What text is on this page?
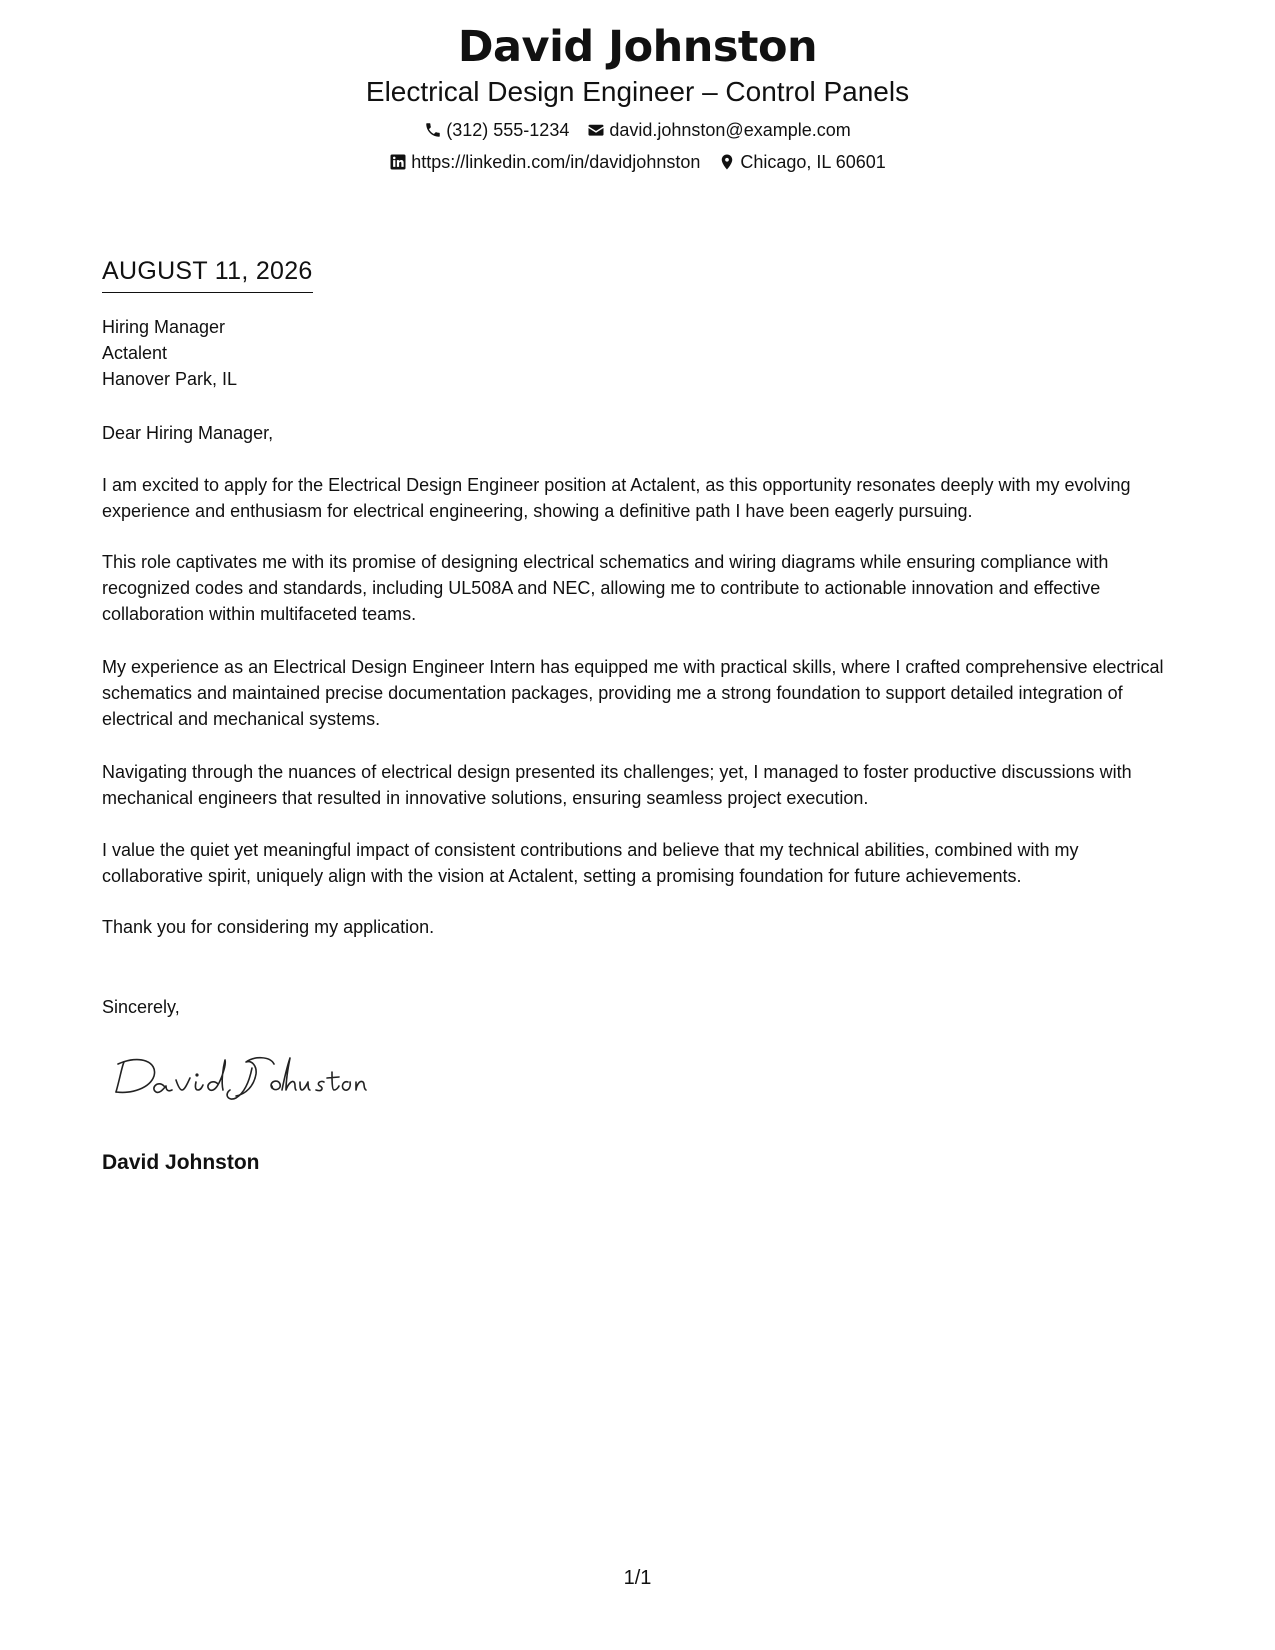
David Johnston

Electrical Design Engineer – Control Panels

(312) 555-1234 david.johnston@example.com
https://linkedin.com/in/davidjohnston Chicago, IL 60601
AUGUST 11, 2026
Hiring Manager
Actalent
Hanover Park, IL

Dear Hiring Manager,

I am excited to apply for the Electrical Design Engineer position at Actalent, as this opportunity resonates deeply with my evolving experience and enthusiasm for electrical engineering, showing a definitive path I have been eagerly pursuing.

This role captivates me with its promise of designing electrical schematics and wiring diagrams while ensuring compliance with recognized codes and standards, including UL508A and NEC, allowing me to contribute to actionable innovation and effective collaboration within multifaceted teams.

My experience as an Electrical Design Engineer Intern has equipped me with practical skills, where I crafted comprehensive electrical schematics and maintained precise documentation packages, providing me a strong foundation to support detailed integration of electrical and mechanical systems.

Navigating through the nuances of electrical design presented its challenges; yet, I managed to foster productive discussions with mechanical engineers that resulted in innovative solutions, ensuring seamless project execution.

I value the quiet yet meaningful impact of consistent contributions and believe that my technical abilities, combined with my collaborative spirit, uniquely align with the vision at Actalent, setting a promising foundation for future achievements.

Thank you for considering my application.

Sincerely,

David Johnston
1/1
